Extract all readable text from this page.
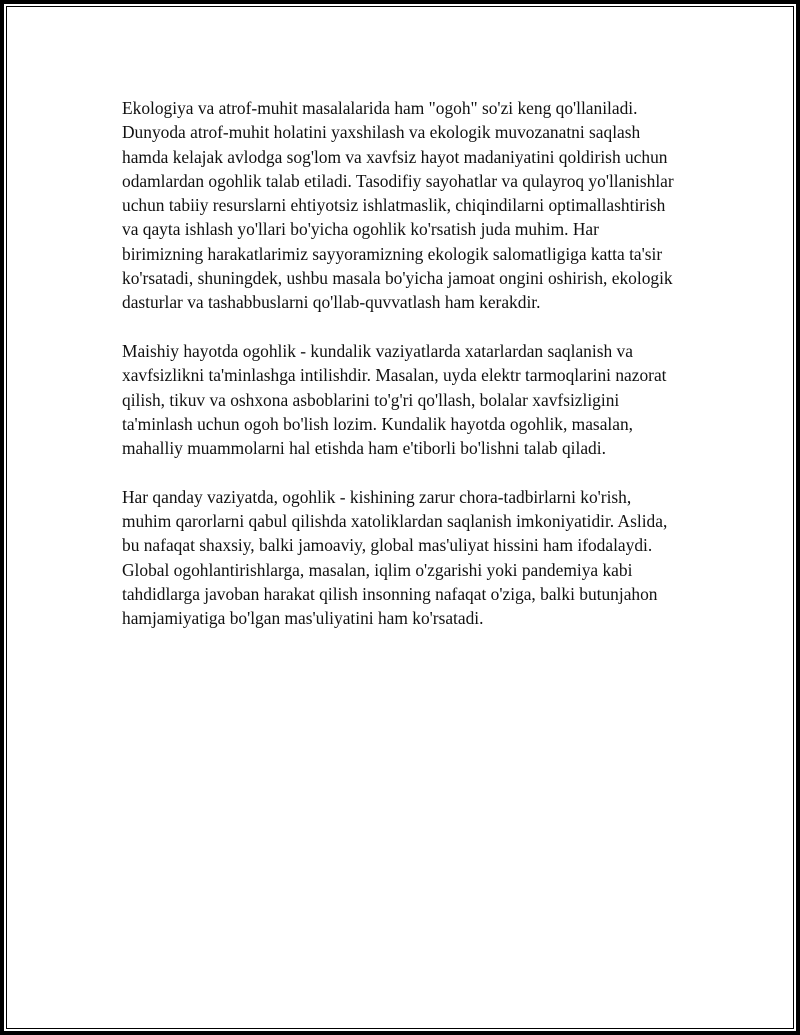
Ekologiya va atrof-muhit masalalarida ham "ogoh" so'zi keng qo'llaniladi. Dunyoda atrof-muhit holatini yaxshilash va ekologik muvozanatni saqlash hamda kelajak avlodga sog'lom va xavfsiz hayot madaniyatini qoldirish uchun odamlardan ogohlik talab etiladi. Tasodifiy sayohatlar va qulayroq yo'llanishlar uchun tabiiy resurslarni ehtiyotsiz ishlatmaslik, chiqindilarni optimallashtirish va qayta ishlash yo'llari bo'yicha ogohlik ko'rsatish juda muhim. Har birimizning harakatlarimiz sayyoramizning ekologik salomatligiga katta ta'sir ko'rsatadi, shuningdek, ushbu masala bo'yicha jamoat ongini oshirish, ekologik dasturlar va tashabbuslarni qo'llab-quvvatlash ham kerakdir.

Maishiy hayotda ogohlik - kundalik vaziyatlarda xatarlardan saqlanish va xavfsizlikni ta'minlashga intilishdir. Masalan, uyda elektr tarmoqlarini nazorat qilish, tikuv va oshxona asboblarini to'g'ri qo'llash, bolalar xavfsizligini ta'minlash uchun ogoh bo'lish lozim. Kundalik hayotda ogohlik, masalan, mahalliy muammolarni hal etishda ham e'tiborli bo'lishni talab qiladi.

Har qanday vaziyatda, ogohlik - kishining zarur chora-tadbirlarni ko'rish, muhim qarorlarni qabul qilishda xatoliklardan saqlanish imkoniyatidir. Aslida, bu nafaqat shaxsiy, balki jamoaviy, global mas'uliyat hissini ham ifodalaydi. Global ogohlantirishlarga, masalan, iqlim o'zgarishi yoki pandemiya kabi tahdidlarga javoban harakat qilish insonning nafaqat o'ziga, balki butunjahon hamjamiyatiga bo'lgan mas'uliyatini ham ko'rsatadi.
